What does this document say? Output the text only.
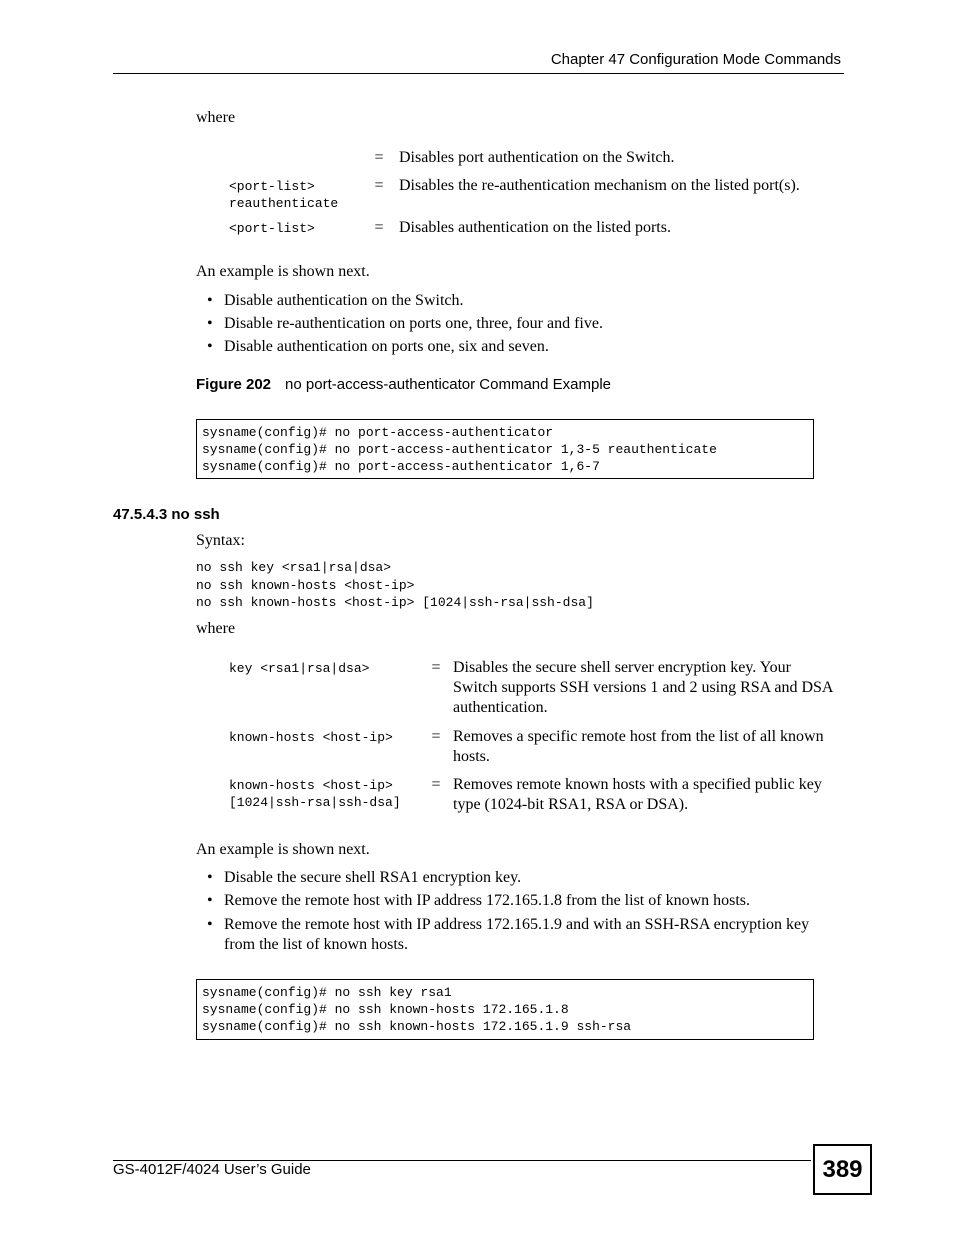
Chapter 47 Configuration Mode Commands
where
	=	Disables port authentication on the Switch.

<port-list>
reauthenticate	=	Disables the re-authentication mechanism on the listed port(s).

<port-list>	=	Disables authentication on the listed ports.
An example is shown next.
• Disable authentication on the Switch.
• Disable re-authentication on ports one, three, four and five.
• Disable authentication on ports one, six and seven.
Figure 202 no port-access-authenticator Command Example
sysname(config)# no port-access-authenticator
sysname(config)# no port-access-authenticator 1,3-5 reauthenticate
sysname(config)# no port-access-authenticator 1,6-7
47.5.4.3 no ssh
Syntax:
no ssh key <rsa1|rsa|dsa>
no ssh known-hosts <host-ip>
no ssh known-hosts <host-ip> [1024|ssh-rsa|ssh-dsa]
where
key <rsa1|rsa|dsa>	=	Disables the secure shell server encryption key. Your Switch supports SSH versions 1 and 2 using RSA and DSA authentication.

known-hosts <host-ip>	=	Removes a specific remote host from the list of all known hosts.

known-hosts <host-ip>
[1024|ssh-rsa|ssh-dsa]	=	Removes remote known hosts with a specified public key type (1024-bit RSA1, RSA or DSA).
An example is shown next.
• Disable the secure shell RSA1 encryption key.
• Remove the remote host with IP address 172.165.1.8 from the list of known hosts.
• Remove the remote host with IP address 172.165.1.9 and with an SSH-RSA encryption key from the list of known hosts.
sysname(config)# no ssh key rsa1
sysname(config)# no ssh known-hosts 172.165.1.8
sysname(config)# no ssh known-hosts 172.165.1.9 ssh-rsa
GS-4012F/4024 User’s Guide	389
